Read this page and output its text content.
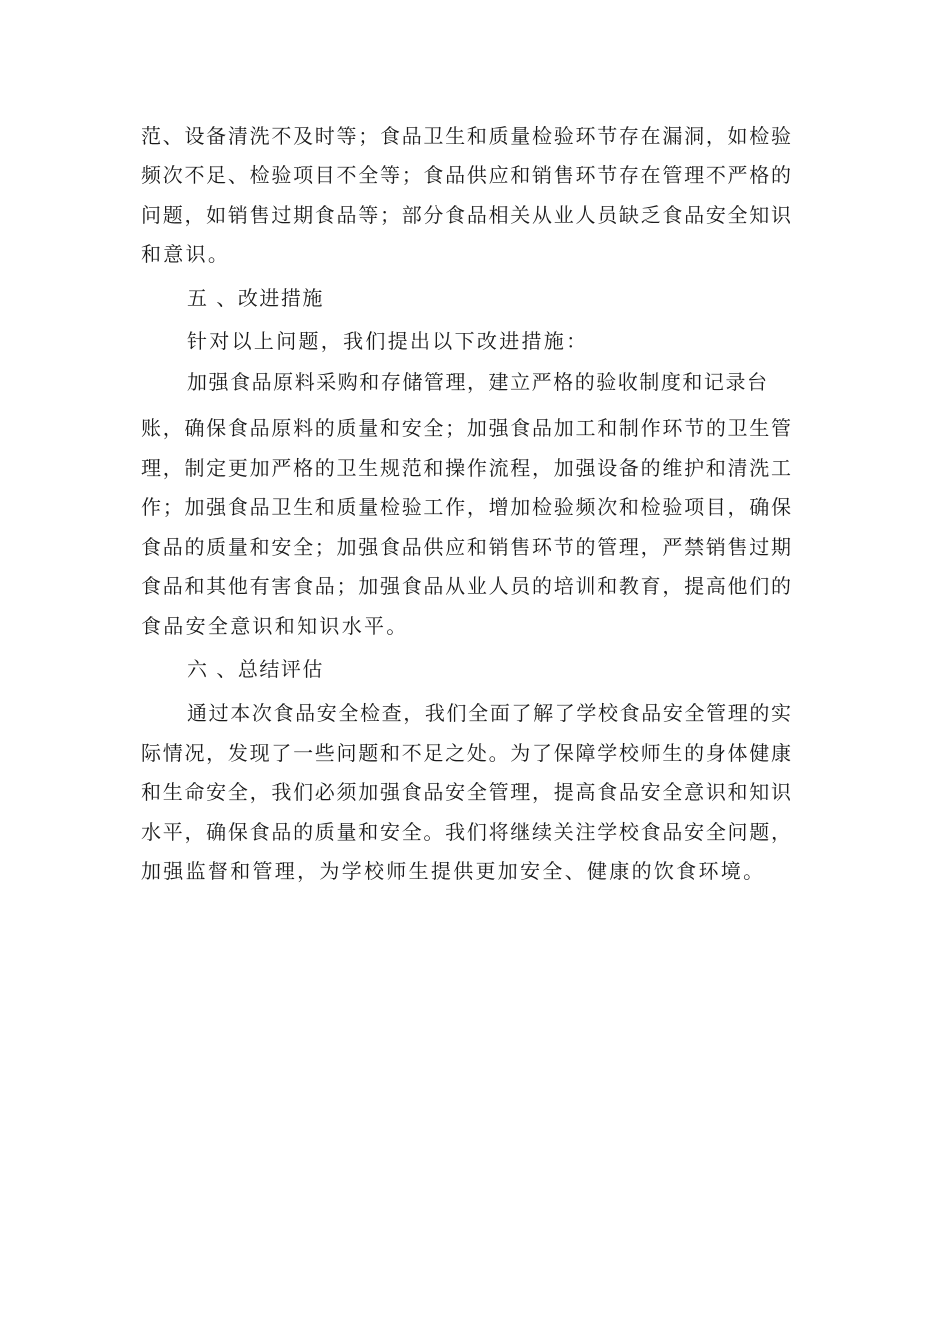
范、设备清洗不及时等；食品卫生和质量检验环节存在漏洞，如检验
频次不足、检验项目不全等；食品供应和销售环节存在管理不严格的
问题，如销售过期食品等；部分食品相关从业人员缺乏食品安全知识
和意识。
五 、改进措施
针对以上问题，我们提出以下改进措施：
加强食品原料采购和存储管理，建立严格的验收制度和记录台
账，确保食品原料的质量和安全；加强食品加工和制作环节的卫生管
理，制定更加严格的卫生规范和操作流程，加强设备的维护和清洗工
作；加强食品卫生和质量检验工作，增加检验频次和检验项目，确保
食品的质量和安全；加强食品供应和销售环节的管理，严禁销售过期
食品和其他有害食品；加强食品从业人员的培训和教育，提高他们的
食品安全意识和知识水平。
六 、总结评估
通过本次食品安全检查，我们全面了解了学校食品安全管理的实
际情况，发现了一些问题和不足之处。为了保障学校师生的身体健康
和生命安全，我们必须加强食品安全管理，提高食品安全意识和知识
水平，确保食品的质量和安全。我们将继续关注学校食品安全问题，
加强监督和管理，为学校师生提供更加安全、健康的饮食环境。
